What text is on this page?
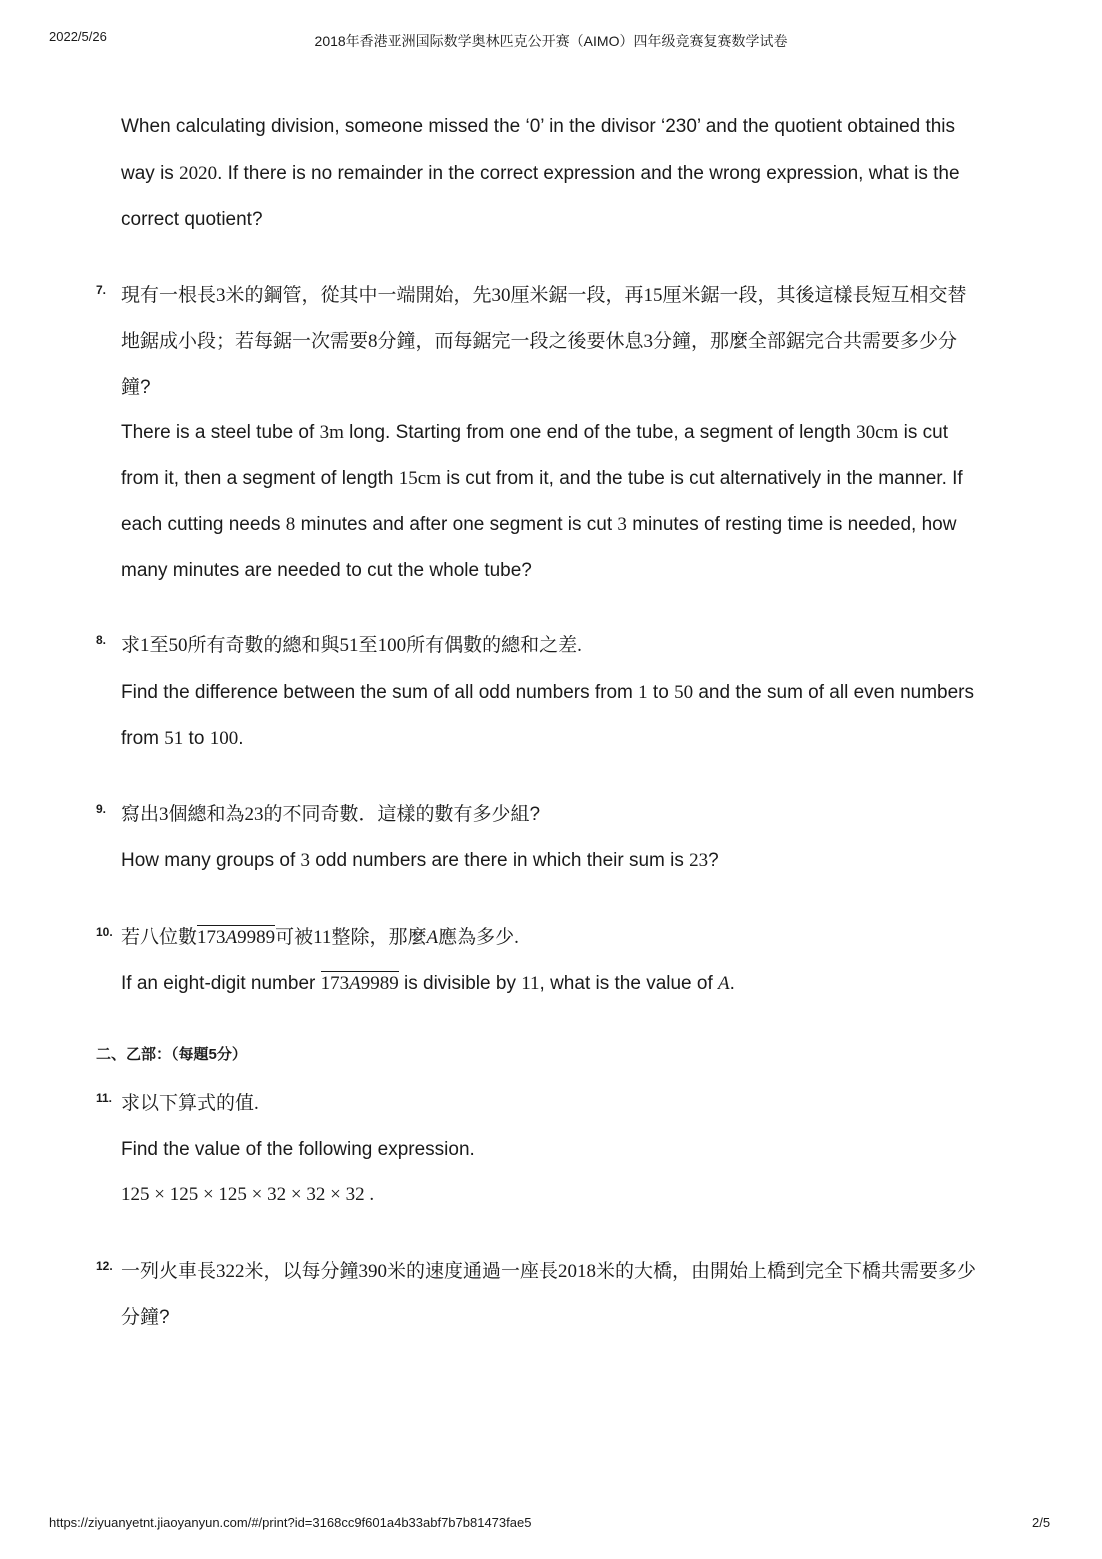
2022/5/26	2018年香港亚洲国际数学奥林匹克公开赛（AIMO）四年级竞赛复赛数学试卷
https://ziyuanyetnt.jiaoyanyun.com/#/print?id=3168cc9f601a4b33abf7b7b81473fae5	2/5
When calculating division, someone missed the ‘0’ in the divisor ‘230’ and the quotient obtained this
way is 2020. If there is no remainder in the correct expression and the wrong expression, what is the
correct quotient?
7. 現有一根長3米的鋼管，從其中一端開始，先30厘米鋸一段，再15厘米鋸一段，其後這樣長短互相交替
地鋸成小段；若每鋸一次需要8分鐘，而每鋸完一段之後要休息3分鐘，那麼全部鋸完合共需要多少分
鐘?
There is a steel tube of 3m long. Starting from one end of the tube, a segment of length 30cm is cut
from it, then a segment of length 15cm is cut from it, and the tube is cut alternatively in the manner. If
each cutting needs 8 minutes and after one segment is cut 3 minutes of resting time is needed, how
many minutes are needed to cut the whole tube?
8. 求1至50所有奇數的總和與51至100所有偶數的總和之差.
Find the difference between the sum of all odd numbers from 1 to 50 and the sum of all even numbers
from 51 to 100.
9. 寫出3個總和為23的不同奇數．這樣的數有多少組?
How many groups of 3 odd numbers are there in which their sum is 23?
10. 若八位數173A9989可被11整除，那麼A應為多少.
If an eight-digit number 173A9989 is divisible by 11, what is the value of A.
二、乙部：（每題5分）
11. 求以下算式的值.
Find the value of the following expression.
125 × 125 × 125 × 32 × 32 × 32 .
12. 一列火車長322米，以每分鐘390米的速度通過一座長2018米的大橋，由開始上橋到完全下橋共需要多少
分鐘?
